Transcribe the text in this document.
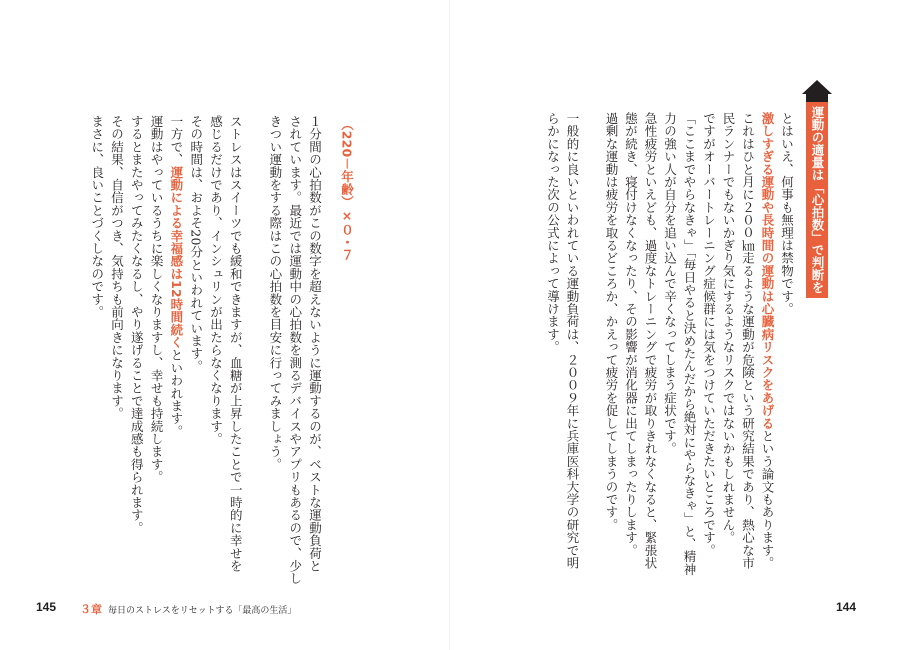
運動の適量は「心拍数」で判断を
とはいえ、何事も無理は禁物です。
激しすぎる運動や長時間の運動は心臓病リスクをあげるという論文もあります。
これはひと月に２００㎞走るような運動が危険という研究結果であり、熱心な市
民ランナーでもないかぎり気にするようなリスクではないかもしれません。
ですがオーバートレーニング症候群には気をつけていただきたいところです。
「ここまでやらなきゃ」「毎日やると決めたんだから絶対にやらなきゃ」と、精神
力の強い人が自分を追い込んで辛くなってしまう症状です。
急性疲労といえども、過度なトレーニングで疲労が取りきれなくなると、緊張状
態が続き、寝付けなくなったり、その影響が消化器に出てしまったりします。
過剰な運動は疲労を取るどころか、かえって疲労を促してしまうのです。
一般的に良いといわれている運動負荷は、２００９年に兵庫医科大学の研究で明
らかになった次の公式によって導けます。
（220－年齢）×０・７
１分間の心拍数がこの数字を超えないように運動するのが、ベストな運動負荷と
されています。最近では運動中の心拍数を測るデバイスやアプリもあるので、少し
きつい運動をする際はこの心拍数を目安に行ってみましょう。
ストレスはスイーツでも緩和できますが、血糖が上昇したことで一時的に幸せを
感じるだけであり、インシュリンが出たらなくなります。
その時間は、およそ20分といわれています。
一方で、運動による幸福感は12時間続くといわれます。
運動はやっているうちに楽しくなりますし、幸せも持続します。
するとまたやってみたくなるし、やり遂げることで達成感も得られます。
その結果、自信がつき、気持ちも前向きになります。
まさに、良いことづくしなのです。
145 ３章 毎日のストレスをリセットする「最高の生活」	144
